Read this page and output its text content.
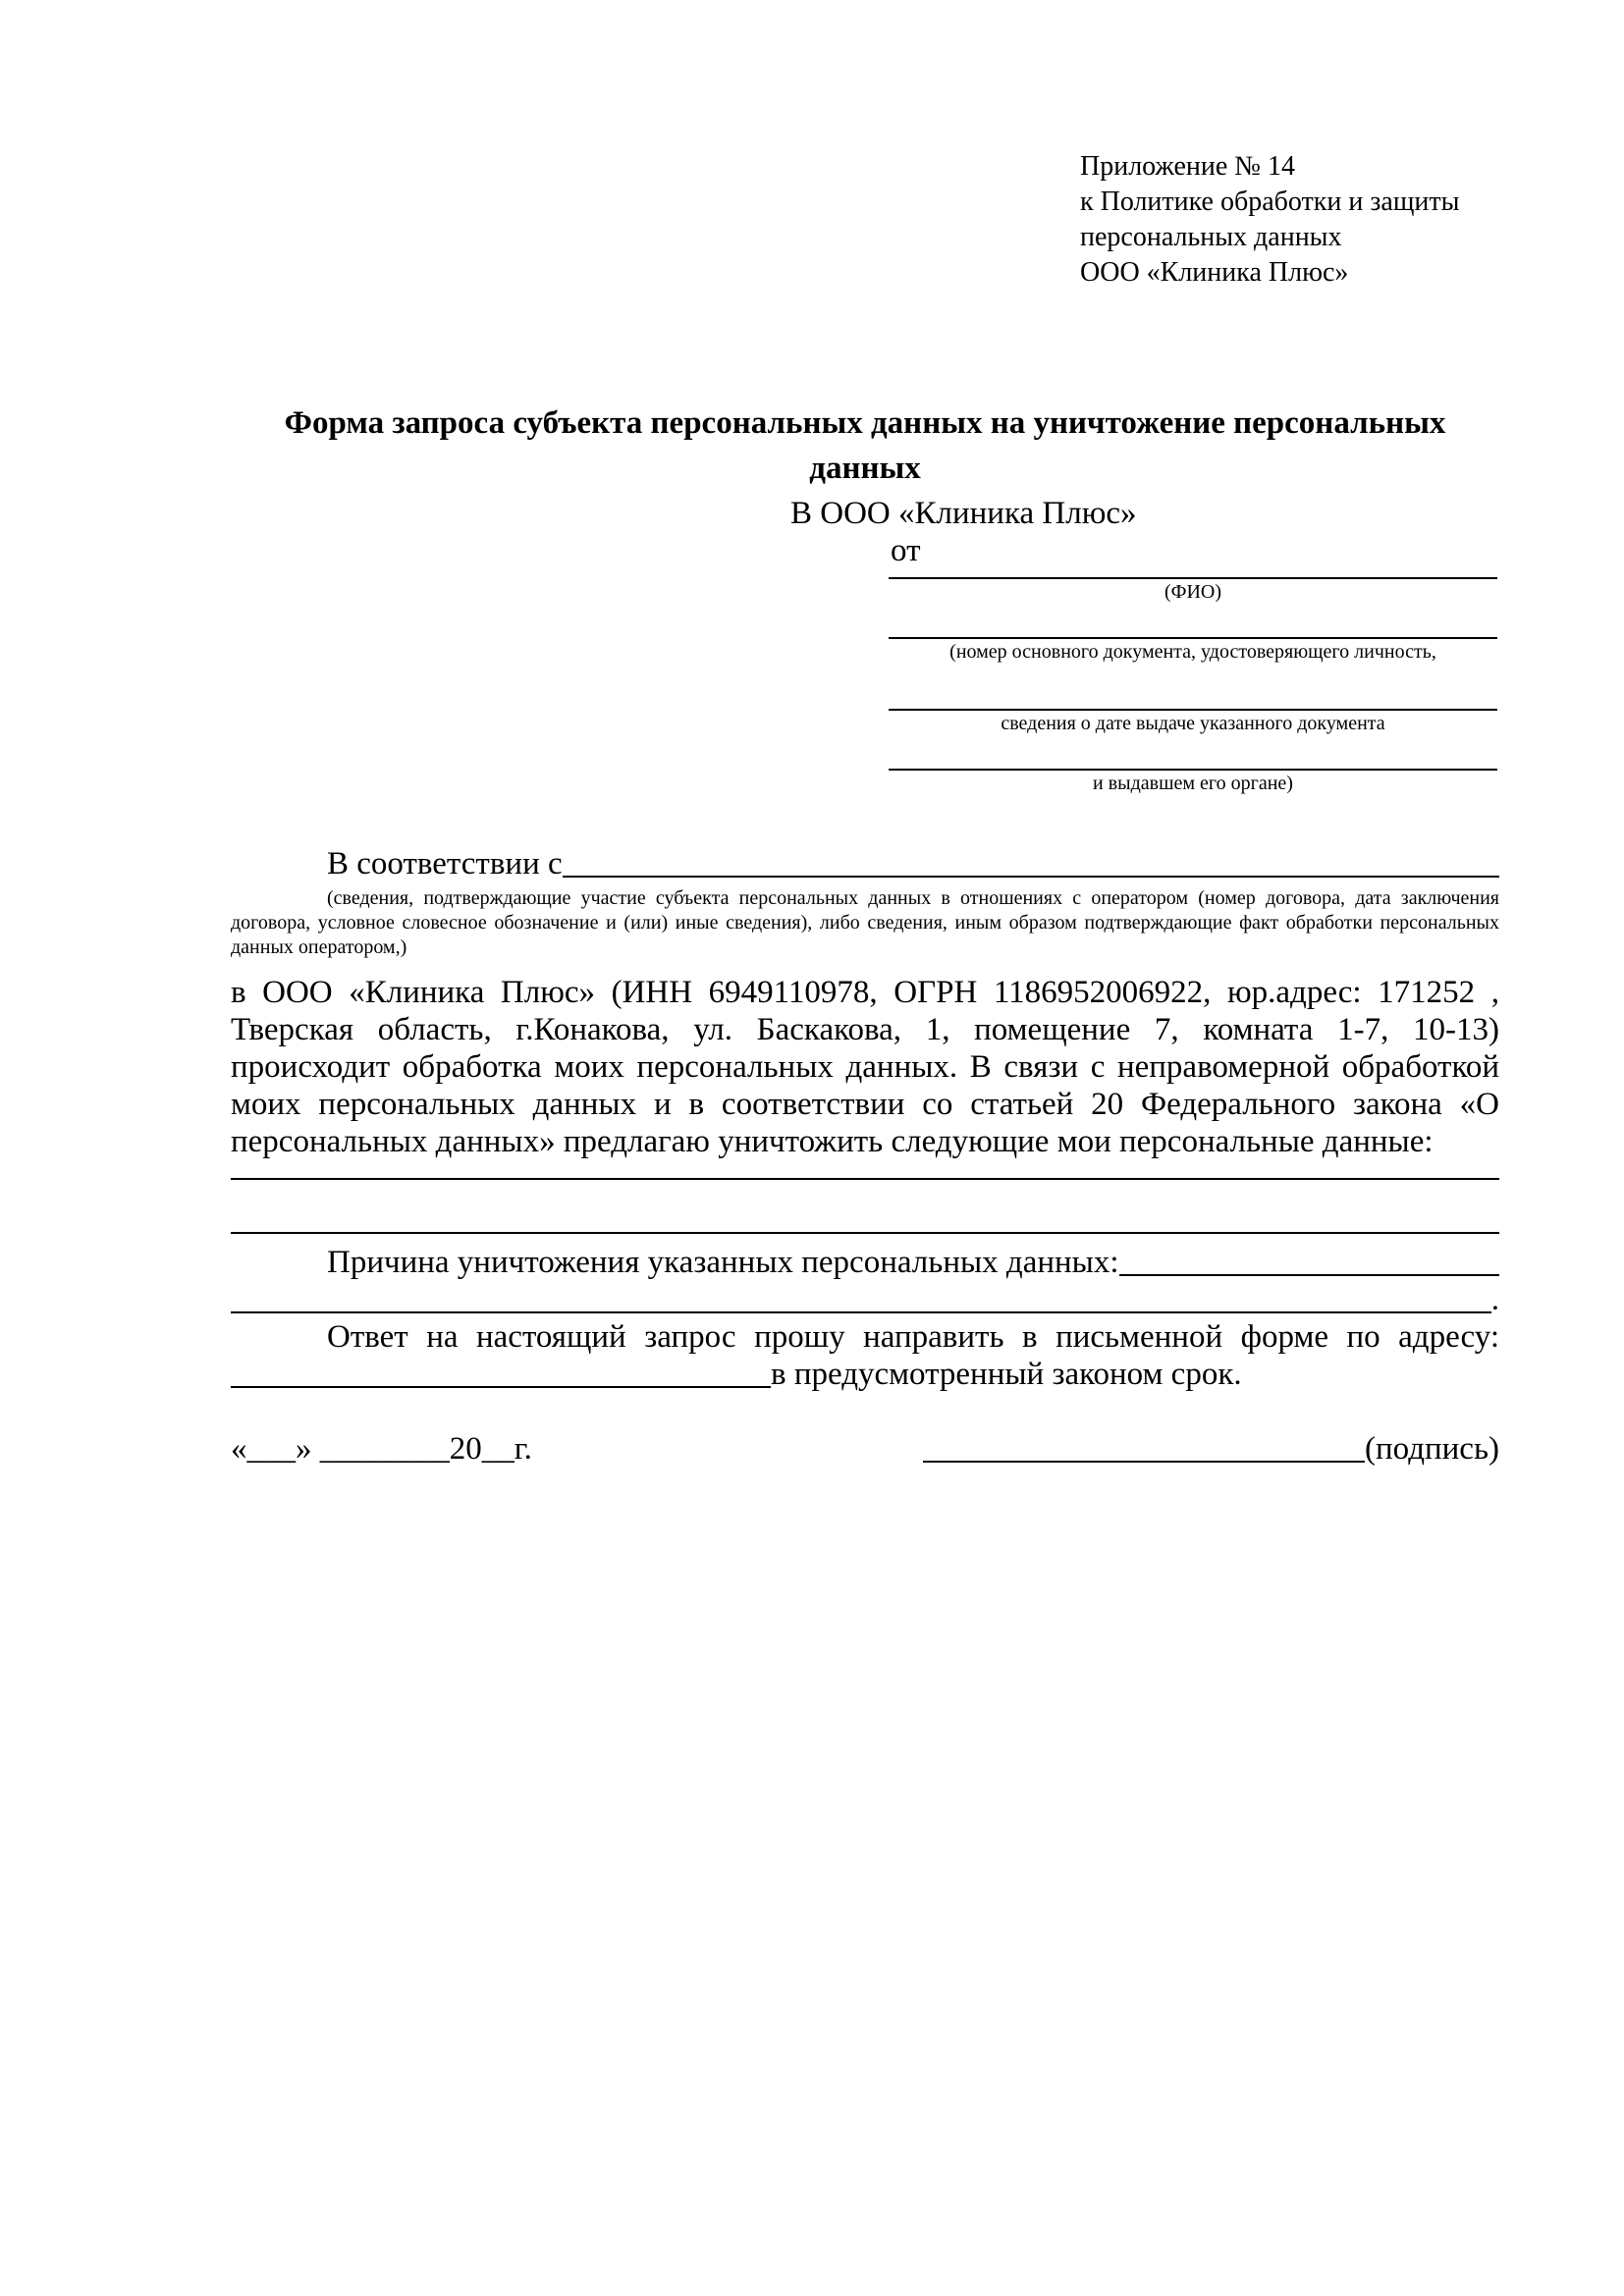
Приложение № 14
к Политике обработки и защиты
персональных данных
ООО «Клиника Плюс»
Форма запроса субъекта персональных данных на уничтожение персональных данных
В ООО «Клиника Плюс»
от
(ФИО)
(номер основного документа, удостоверяющего личность,
сведения о дате выдаче указанного документа
и выдавшем его органе)
В соответствии с
(сведения, подтверждающие участие субъекта персональных данных в отношениях с оператором (номер договора, дата заключения договора, условное словесное обозначение и (или) иные сведения), либо сведения, иным образом подтверждающие факт обработки персональных данных оператором,)

в ООО «Клиника Плюс» (ИНН 6949110978, ОГРН 1186952006922, юр.адрес: 171252 , Тверская область, г.Конакова, ул. Баскакова, 1, помещение 7, комната 1-7, 10-13) происходит обработка моих персональных данных. В связи с неправомерной обработкой моих персональных данных и в соответствии со статьей 20 Федерального закона «О персональных данных» предлагаю уничтожить следующие мои персональные данные:

Причина уничтожения указанных персональных данных:
.

Ответ на настоящий запрос прошу направить в письменной форме по адресу:

в предусмотренный законом срок.
«___» ________20__г.	(подпись)
